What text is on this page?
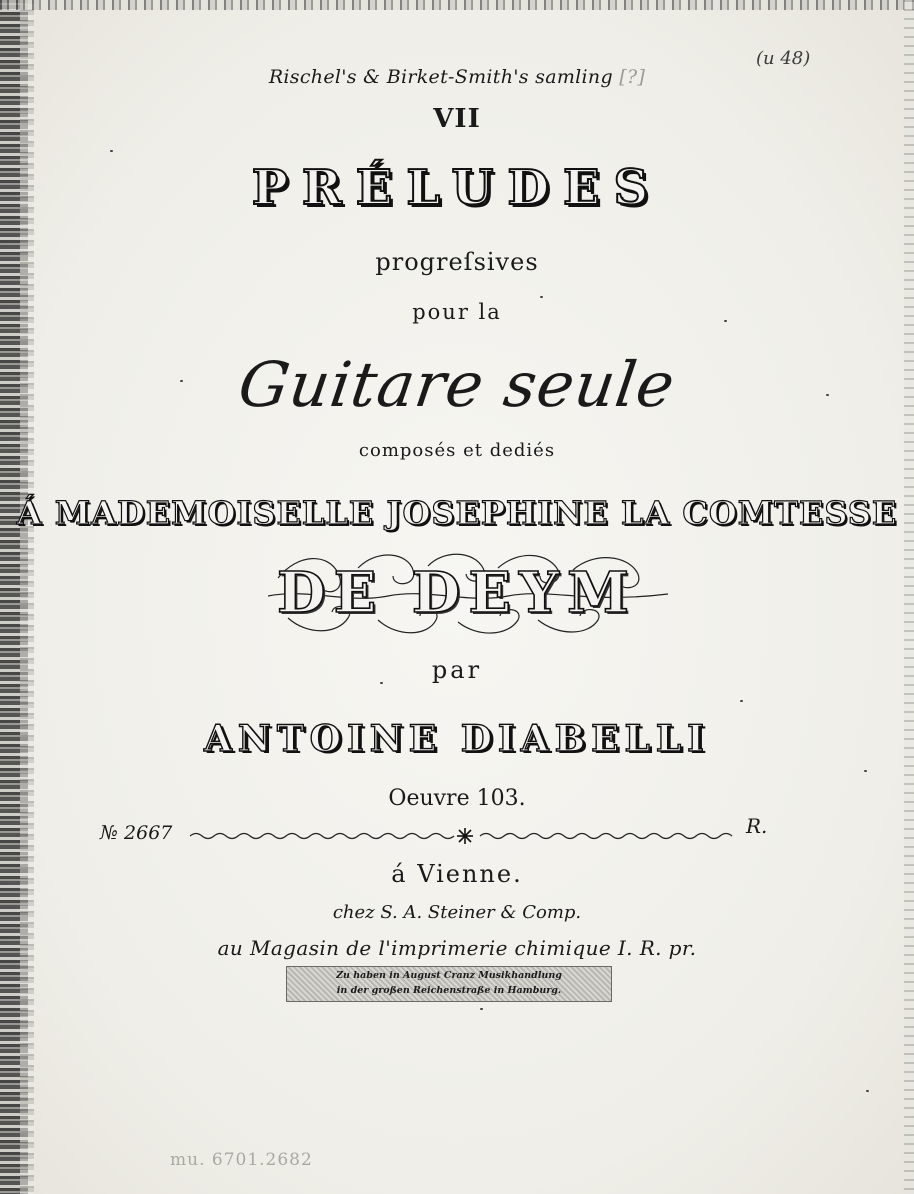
Rischel's & Birket-Smith's samling [?]
(u 48)
VII
PRÉLUDES
progreſsives
pour la
Guitare seule
composés et dediés
Á MADEMOISELLE JOSEPHINE LA COMTESSE
DE DEYM
par
ANTOINE DIABELLI
Oeuvre 103.
№ 2667	R.
á Vienne.
chez S. A. Steiner & Comp.
au Magasin de l'imprimerie chimique I. R. pr.
Zu haben in August Cranz Musikhandlung
in der großen Reichenstraße in Hamburg.
mu. 6701.2682
